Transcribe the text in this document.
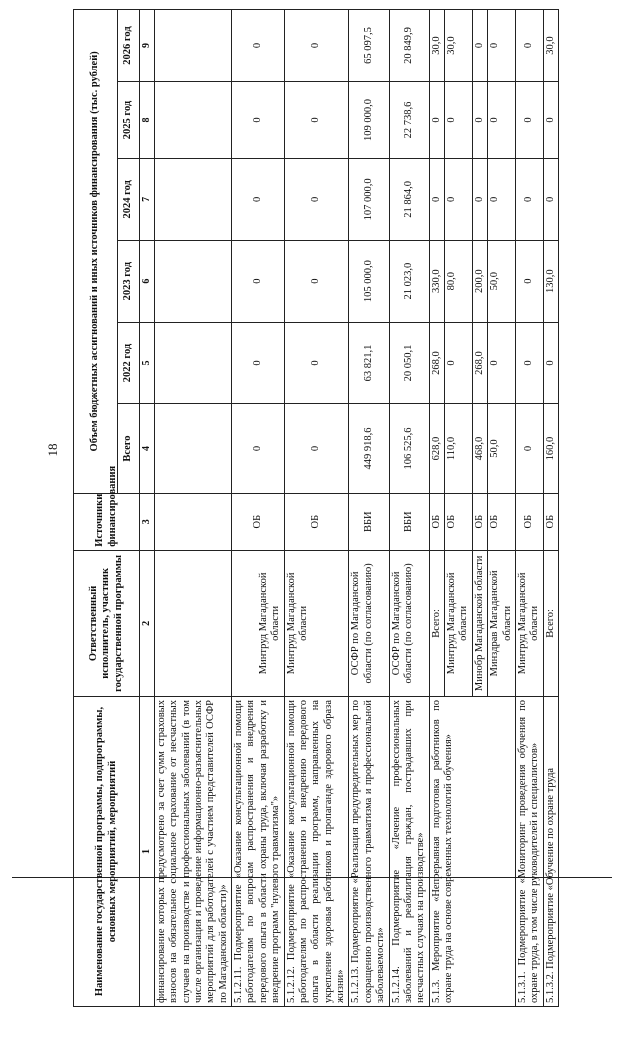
18
Наименование государственной программы, подпрограммы, основных мероприятий, мероприятий	Ответственный исполнитель, участник государственной программы	Источники финансирования	Объем бюджетных ассигнований и иных источников финансирования (тыс. рублей)					
			Всего	2022 год	2023 год	2024 год	2025 год	2026 год
1	2	3	4	5	6	7	8	9
финансирование которых предусмотрено за счет сумм страховых взносов на обязательное социальное страхование от несчастных случаев на производстве и профессиональных заболеваний (в том числе организация и проведение информационно-разъяснительных мероприятий для работодателей с участием представителей ОСФР по Магаданской области)»								
5.1.2.11. Подмероприятие «Оказание консультационной помощи работодателям по вопросам распространения и внедрения передового опыта в области охраны труда, включая разработку и внедрение программ "нулевого травматизма"»	Минтруд Магаданской области	ОБ	0	0	0	0	0	0
5.1.2.12. Подмероприятие «Оказание консультационной помощи работодателям по распространению и внедрению передового опыта в области реализации программ, направленных на укрепление здоровья работников и пропаганде здорового образа жизни»	Минтруд Магаданской области	ОБ	0	0	0	0	0	0
5.1.2.13. Подмероприятие «Реализация предупредительных мер по сокращению производственного травматизма и профессиональной заболеваемости»	ОСФР по Магаданской области (по согласованию)	ВБИ	449 918,6	63 821,1	105 000,0	107 000,0	109 000,0	65 097,5
5.1.2.14. Подмероприятие «Лечение профессиональных заболеваний и реабилитация граждан, пострадавших при несчастных случаях на производстве»	ОСФР по Магаданской области (по согласованию)	ВБИ	106 525,6	20 050,1	21 023,0	21 864,0	22 738,6	20 849,9
5.1.3. Мероприятие «Непрерывная подготовка работников по охране труда на основе современных технологий обучения»	Всего:	ОБ	628,0	268,0	330,0	0	0	30,0
	Минтруд Магаданской области	ОБ	110,0	0	80,0	0	0	30,0
	Минобр Магаданской области	ОБ	468,0	268,0	200,0	0	0	0
	Минздрав Магаданской области	ОБ	50,0	0	50,0	0	0	0
5.1.3.1. Подмероприятие «Мониторинг проведения обучения по охране труда, в том числе руководителей и специалистов»	Минтруд Магаданской области	ОБ	0	0	0	0	0	0
5.1.3.2. Подмероприятие «Обучение по охране труда	Всего:	ОБ	160,0	0	130,0	0	0	30,0
